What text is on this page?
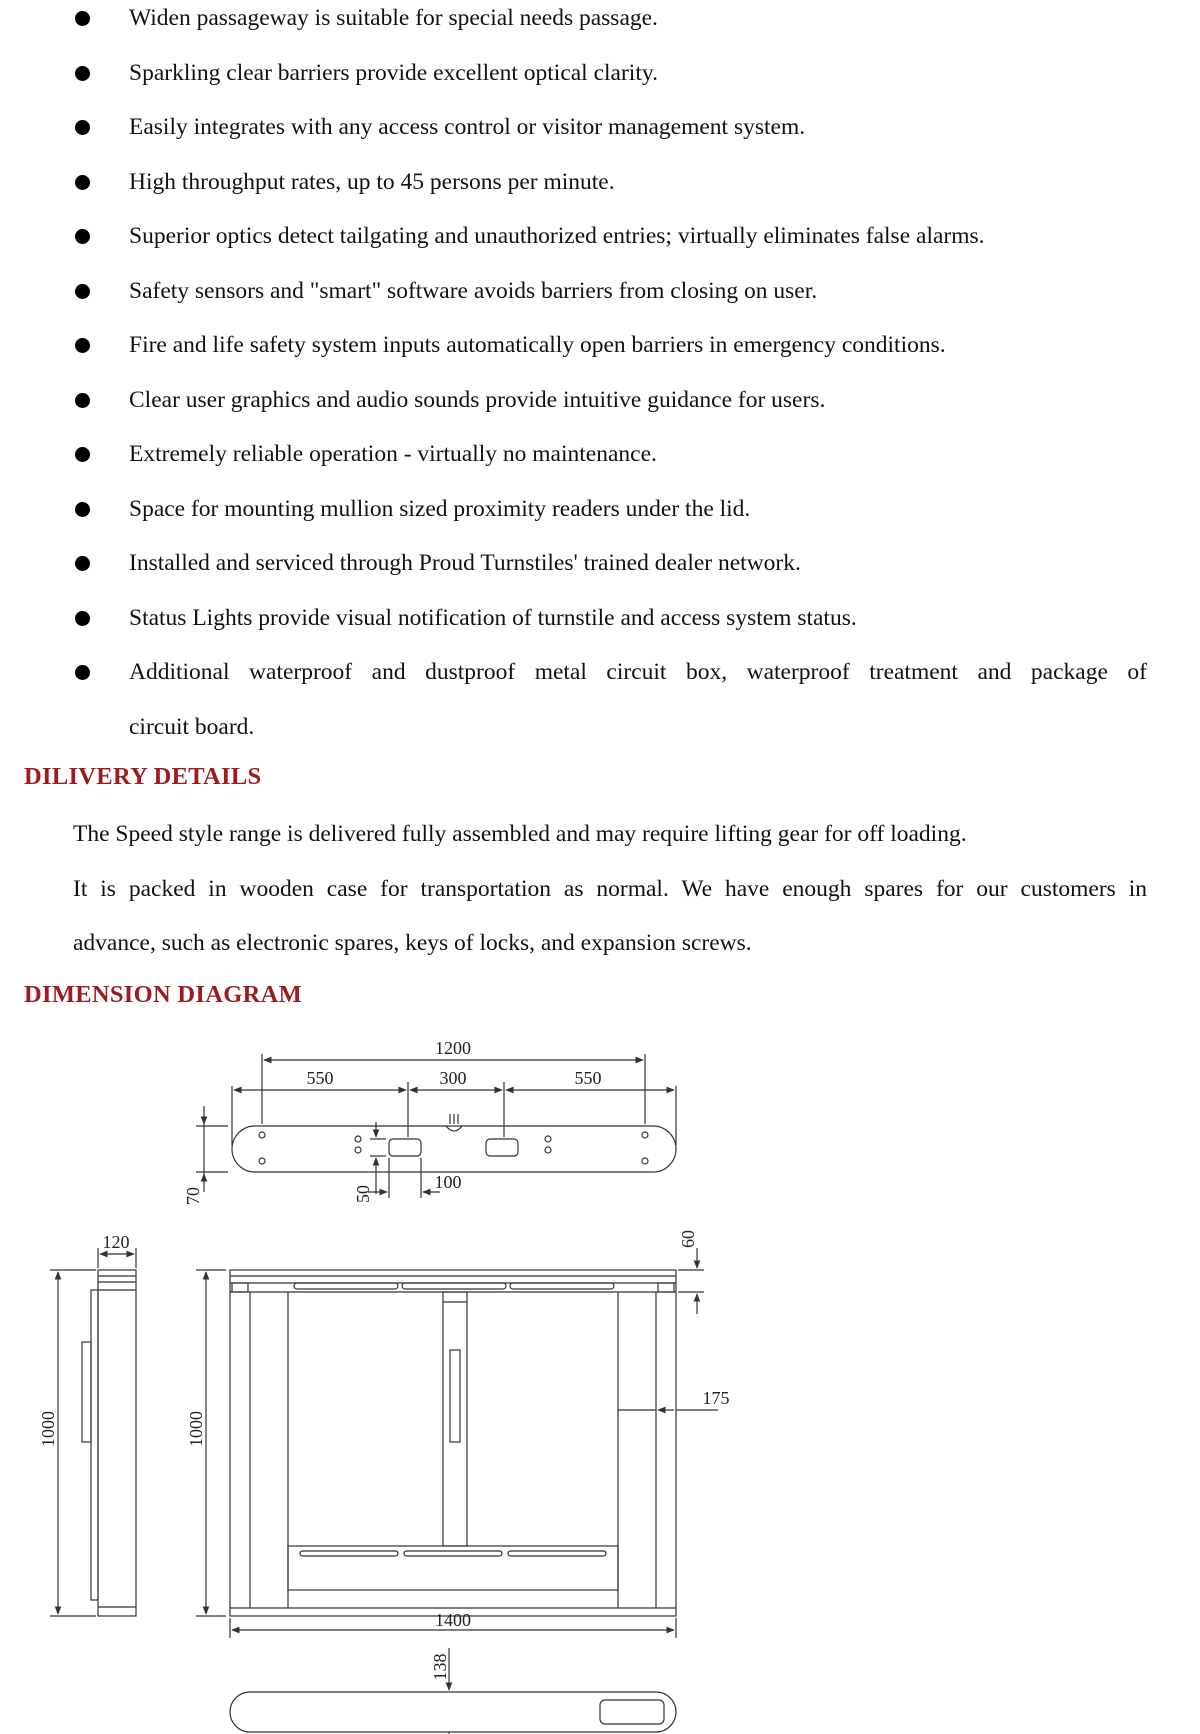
Widen passageway is suitable for special needs passage.
Sparkling clear barriers provide excellent optical clarity.
Easily integrates with any access control or visitor management system.
High throughput rates, up to 45 persons per minute.
Superior optics detect tailgating and unauthorized entries; virtually eliminates false alarms.
Safety sensors and "smart" software avoids barriers from closing on user.
Fire and life safety system inputs automatically open barriers in emergency conditions.
Clear user graphics and audio sounds provide intuitive guidance for users.
Extremely reliable operation - virtually no maintenance.
Space for mounting mullion sized proximity readers under the lid.
Installed and serviced through Proud Turnstiles' trained dealer network.
Status Lights provide visual notification of turnstile and access system status.
Additional waterproof and dustproof metal circuit box, waterproof treatment and package of
circuit board.
DILIVERY DETAILS
The Speed style range is delivered fully assembled and may require lifting gear for off loading.
It is packed in wooden case for transportation as normal. We have enough spares for our customers in
advance, such as electronic spares, keys of locks, and expansion screws.
DIMENSION DIAGRAM
1200
550	300	550
70	50
100
120	60
1000	1000
175
1400
138
